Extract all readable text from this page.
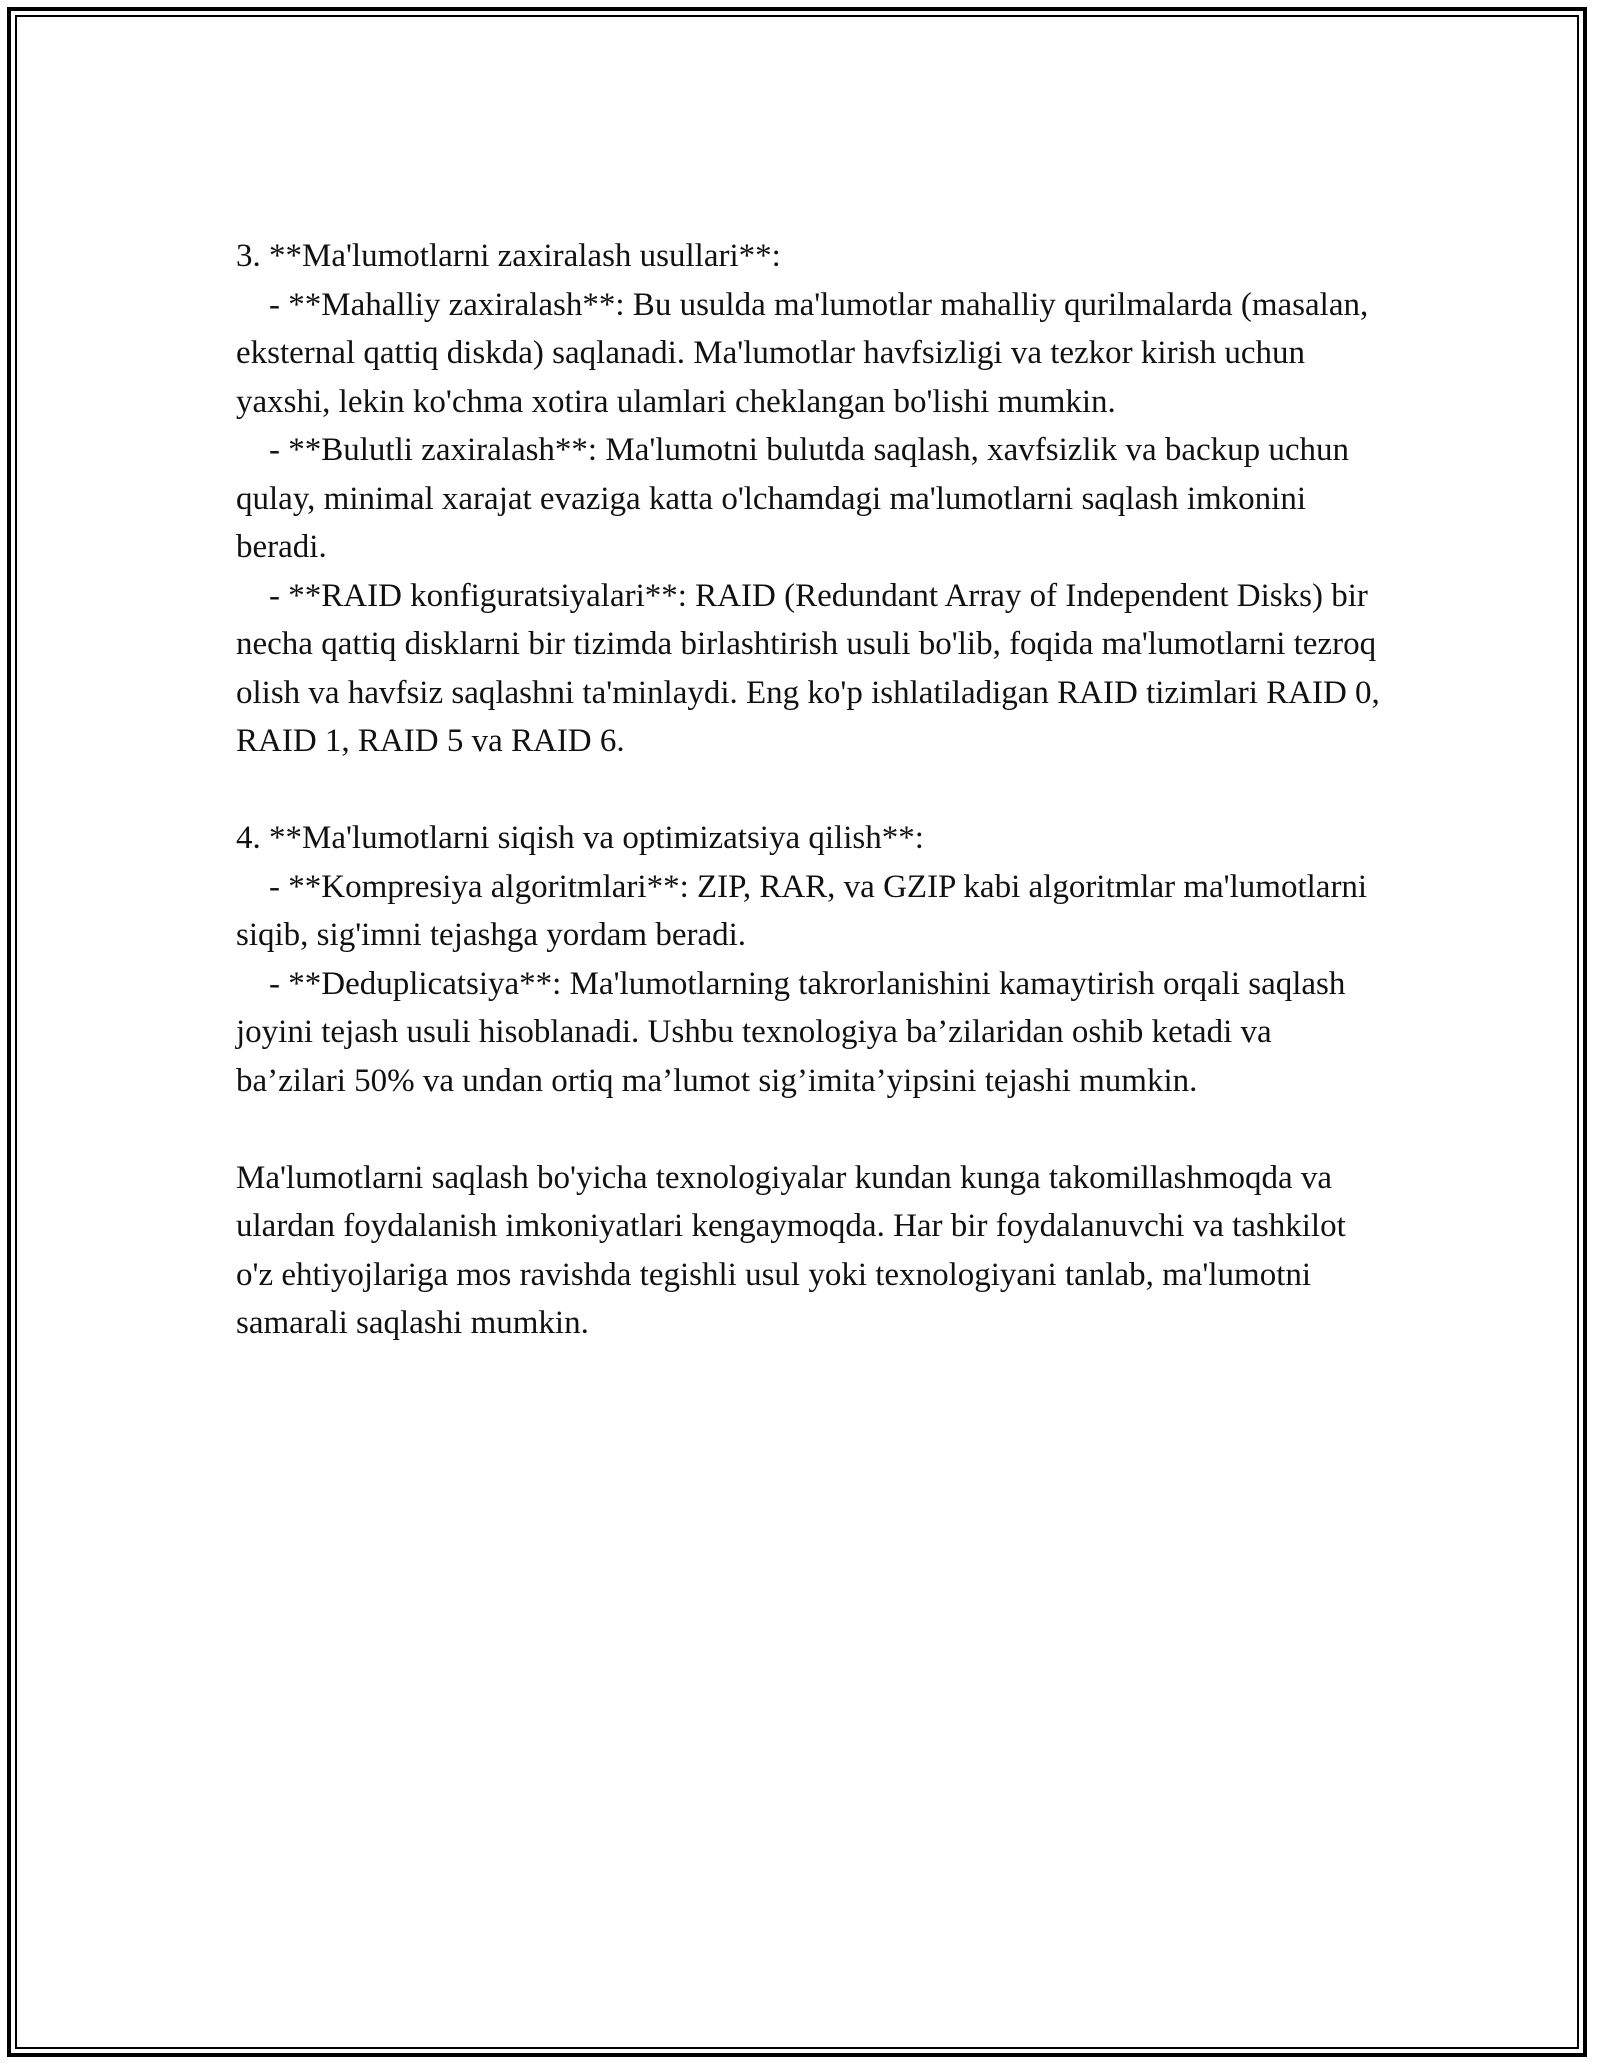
3. **Ma'lumotlarni zaxiralash usullari**:

- **Mahalliy zaxiralash**: Bu usulda ma'lumotlar mahalliy qurilmalarda (masalan, eksternal qattiq diskda) saqlanadi. Ma'lumotlar havfsizligi va tezkor kirish uchun yaxshi, lekin ko'chma xotira ulamlari cheklangan bo'lishi mumkin.

- **Bulutli zaxiralash**: Ma'lumotni bulutda saqlash, xavfsizlik va backup uchun qulay, minimal xarajat evaziga katta o'lchamdagi ma'lumotlarni saqlash imkonini beradi.

- **RAID konfiguratsiyalari**: RAID (Redundant Array of Independent Disks) bir necha qattiq disklarni bir tizimda birlashtirish usuli bo'lib, foqida ma'lumotlarni tezroq olish va havfsiz saqlashni ta'minlaydi. Eng ko'p ishlatiladigan RAID tizimlari RAID 0, RAID 1, RAID 5 va RAID 6.

4. **Ma'lumotlarni siqish va optimizatsiya qilish**:

- **Kompresiya algoritmlari**: ZIP, RAR, va GZIP kabi algoritmlar ma'lumotlarni siqib, sig'imni tejashga yordam beradi.

- **Deduplicatsiya**: Ma'lumotlarning takrorlanishini kamaytirish orqali saqlash joyini tejash usuli hisoblanadi. Ushbu texnologiya ba’zilaridan oshib ketadi va ba’zilari 50% va undan ortiq ma’lumot sig’imita’yipsini tejashi mumkin.

Ma'lumotlarni saqlash bo'yicha texnologiyalar kundan kunga takomillashmoqda va ulardan foydalanish imkoniyatlari kengaymoqda. Har bir foydalanuvchi va tashkilot o'z ehtiyojlariga mos ravishda tegishli usul yoki texnologiyani tanlab, ma'lumotni samarali saqlashi mumkin.
